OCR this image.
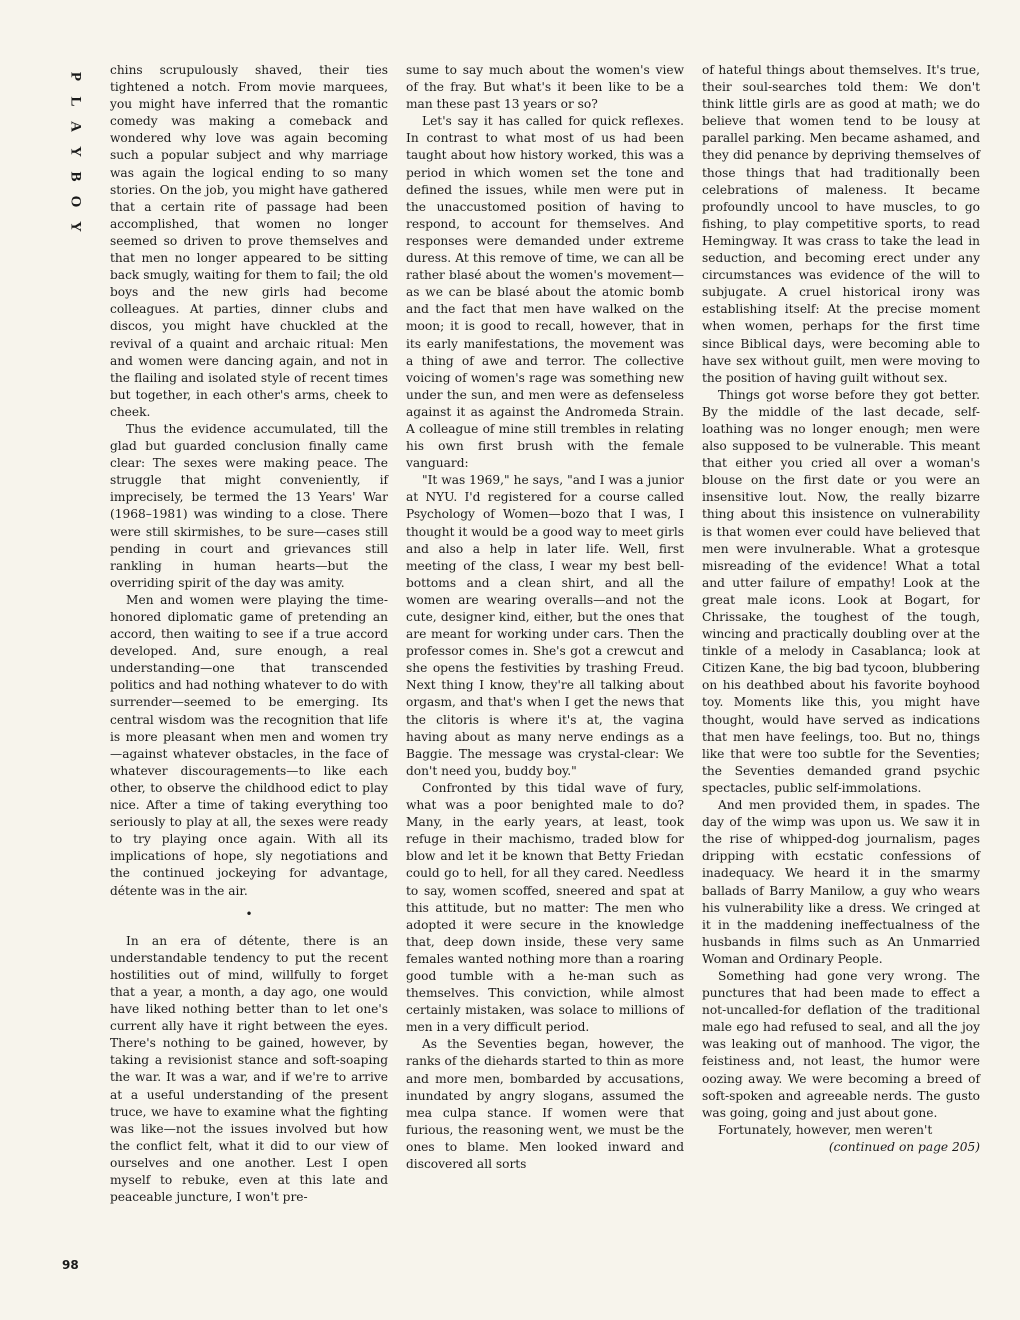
P
L
A
Y
B
O
Y

chins scrupulously shaved, their ties tightened a notch. From movie marquees, you might have inferred that the romantic comedy was making a comeback and wondered why love was again becoming such a popular subject and why marriage was again the logical ending to so many stories. On the job, you might have gathered that a certain rite of passage had been accomplished, that women no longer seemed so driven to prove themselves and that men no longer appeared to be sitting back smugly, waiting for them to fail; the old boys and the new girls had become colleagues. At parties, dinner clubs and discos, you might have chuckled at the revival of a quaint and archaic ritual: Men and women were dancing again, and not in the flailing and isolated style of recent times but together, in each other's arms, cheek to cheek.

Thus the evidence accumulated, till the glad but guarded conclusion finally came clear: The sexes were making peace. The struggle that might conveniently, if imprecisely, be termed the 13 Years' War (1968–1981) was winding to a close. There were still skirmishes, to be sure—cases still pending in court and grievances still rankling in human hearts—but the overriding spirit of the day was amity.

Men and women were playing the time-honored diplomatic game of pretending an accord, then waiting to see if a true accord developed. And, sure enough, a real understanding—one that transcended politics and had nothing whatever to do with surrender—seemed to be emerging. Its central wisdom was the recognition that life is more pleasant when men and women try—against whatever obstacles, in the face of whatever discouragements—to like each other, to observe the childhood edict to play nice. After a time of taking everything too seriously to play at all, the sexes were ready to try playing once again. With all its implications of hope, sly negotiations and the continued jockeying for advantage, détente was in the air.

•

In an era of détente, there is an understandable tendency to put the recent hostilities out of mind, willfully to forget that a year, a month, a day ago, one would have liked nothing better than to let one's current ally have it right between the eyes. There's nothing to be gained, however, by taking a revisionist stance and soft-soaping the war. It was a war, and if we're to arrive at a useful understanding of the present truce, we have to examine what the fighting was like—not the issues involved but how the conflict felt, what it did to our view of ourselves and one another. Lest I open myself to rebuke, even at this late and peaceable juncture, I won't pre-

sume to say much about the women's view of the fray. But what's it been like to be a man these past 13 years or so?

Let's say it has called for quick reflexes. In contrast to what most of us had been taught about how history worked, this was a period in which women set the tone and defined the issues, while men were put in the unaccustomed position of having to respond, to account for themselves. And responses were demanded under extreme duress. At this remove of time, we can all be rather blasé about the women's movement—as we can be blasé about the atomic bomb and the fact that men have walked on the moon; it is good to recall, however, that in its early manifestations, the movement was a thing of awe and terror. The collective voicing of women's rage was something new under the sun, and men were as defenseless against it as against the Andromeda Strain. A colleague of mine still trembles in relating his own first brush with the female vanguard:

"It was 1969," he says, "and I was a junior at NYU. I'd registered for a course called Psychology of Women—bozo that I was, I thought it would be a good way to meet girls and also a help in later life. Well, first meeting of the class, I wear my best bell-bottoms and a clean shirt, and all the women are wearing overalls—and not the cute, designer kind, either, but the ones that are meant for working under cars. Then the professor comes in. She's got a crewcut and she opens the festivities by trashing Freud. Next thing I know, they're all talking about orgasm, and that's when I get the news that the clitoris is where it's at, the vagina having about as many nerve endings as a Baggie. The message was crystal-clear: We don't need you, buddy boy."

Confronted by this tidal wave of fury, what was a poor benighted male to do? Many, in the early years, at least, took refuge in their machismo, traded blow for blow and let it be known that Betty Friedan could go to hell, for all they cared. Needless to say, women scoffed, sneered and spat at this attitude, but no matter: The men who adopted it were secure in the knowledge that, deep down inside, these very same females wanted nothing more than a roaring good tumble with a he-man such as themselves. This conviction, while almost certainly mistaken, was solace to millions of men in a very difficult period.

As the Seventies began, however, the ranks of the diehards started to thin as more and more men, bombarded by accusations, inundated by angry slogans, assumed the mea culpa stance. If women were that furious, the reasoning went, we must be the ones to blame. Men looked inward and discovered all sorts

of hateful things about themselves. It's true, their soul-searches told them: We don't think little girls are as good at math; we do believe that women tend to be lousy at parallel parking. Men became ashamed, and they did penance by depriving themselves of those things that had traditionally been celebrations of maleness. It became profoundly uncool to have muscles, to go fishing, to play competitive sports, to read Hemingway. It was crass to take the lead in seduction, and becoming erect under any circumstances was evidence of the will to subjugate. A cruel historical irony was establishing itself: At the precise moment when women, perhaps for the first time since Biblical days, were becoming able to have sex without guilt, men were moving to the position of having guilt without sex.

Things got worse before they got better. By the middle of the last decade, self-loathing was no longer enough; men were also supposed to be vulnerable. This meant that either you cried all over a woman's blouse on the first date or you were an insensitive lout. Now, the really bizarre thing about this insistence on vulnerability is that women ever could have believed that men were invulnerable. What a grotesque misreading of the evidence! What a total and utter failure of empathy! Look at the great male icons. Look at Bogart, for Chrissake, the toughest of the tough, wincing and practically doubling over at the tinkle of a melody in Casablanca; look at Citizen Kane, the big bad tycoon, blubbering on his deathbed about his favorite boyhood toy. Moments like this, you might have thought, would have served as indications that men have feelings, too. But no, things like that were too subtle for the Seventies; the Seventies demanded grand psychic spectacles, public self-immolations.

And men provided them, in spades. The day of the wimp was upon us. We saw it in the rise of whipped-dog journalism, pages dripping with ecstatic confessions of inadequacy. We heard it in the smarmy ballads of Barry Manilow, a guy who wears his vulnerability like a dress. We cringed at it in the maddening ineffectualness of the husbands in films such as An Unmarried Woman and Ordinary People.

Something had gone very wrong. The punctures that had been made to effect a not-uncalled-for deflation of the traditional male ego had refused to seal, and all the joy was leaking out of manhood. The vigor, the feistiness and, not least, the humor were oozing away. We were becoming a breed of soft-spoken and agreeable nerds. The gusto was going, going and just about gone.

Fortunately, however, men weren't

(continued on page 205)

98
